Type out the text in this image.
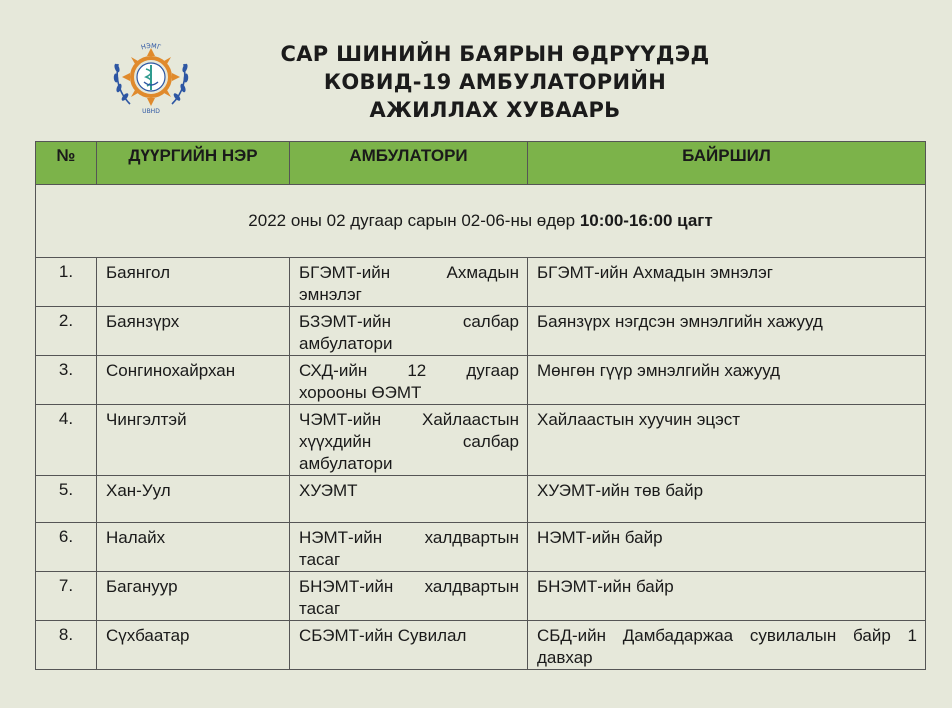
НЭМГ
UBHD
САР ШИНИЙН БАЯРЫН ӨДРҮҮДЭД
КОВИД-19 АМБУЛАТОРИЙН
АЖИЛЛАХ ХУВААРЬ
2022 оны 02 дугаар сарын 02-06-ны өдөр 10:00-16:00 цагт			
№	ДҮҮРГИЙН НЭР	АМБУЛАТОРИ	БАЙРШИЛ
1.	Баянгол	БГЭМТ-ийн Ахмадын эмнэлэг	БГЭМТ-ийн Ахмадын эмнэлэг
2.	Баянзүрх	БЗЭМТ-ийн салбар амбулатори	Баянзүрх нэгдсэн эмнэлгийн хажууд
3.	Сонгинохайрхан	СХД-ийн 12 дугаар хорооны ӨЭМТ	Мөнгөн гүүр эмнэлгийн хажууд
4.	Чингэлтэй	ЧЭМТ-ийн Хайлаастын хүүхдийн салбар амбулатори	Хайлаастын хуучин эцэст
5.	Хан-Уул	ХУЭМТ	ХУЭМТ-ийн төв байр
6.	Налайх	НЭМТ-ийн халдвартын тасаг	НЭМТ-ийн байр
7.	Багануур	БНЭМТ-ийн халдвартын тасаг	БНЭМТ-ийн байр
8.	Сүхбаатар	СБЭМТ-ийн Сувилал	СБД-ийн Дамбадаржаа сувилалын байр 1 давхар
